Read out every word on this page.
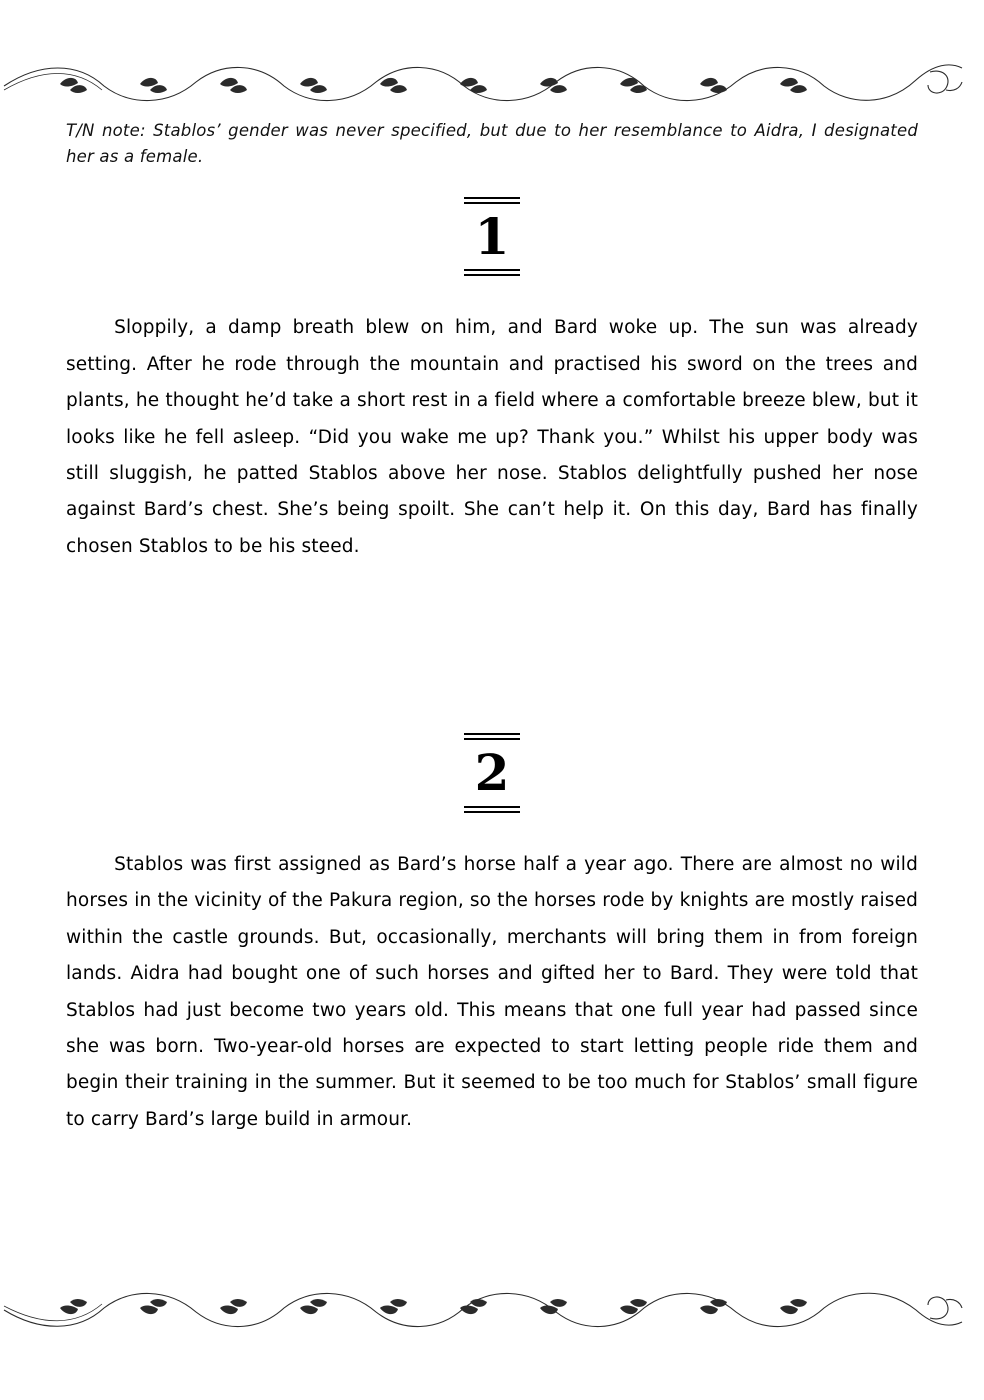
T/N note: Stablos’ gender was never specified, but due to her resemblance to Aidra, I designated her as a female.

1

Sloppily, a damp breath blew on him, and Bard woke up. The sun was already setting. After he rode through the mountain and practised his sword on the trees and plants, he thought he’d take a short rest in a field where a comfortable breeze blew, but it looks like he fell asleep. “Did you wake me up? Thank you.” Whilst his upper body was still sluggish, he patted Stablos above her nose. Stablos delightfully pushed her nose against Bard’s chest. She’s being spoilt. She can’t help it. On this day, Bard has finally chosen Stablos to be his steed.

2

Stablos was first assigned as Bard’s horse half a year ago. There are almost no wild horses in the vicinity of the Pakura region, so the horses rode by knights are mostly raised within the castle grounds. But, occasionally, merchants will bring them in from foreign lands. Aidra had bought one of such horses and gifted her to Bard. They were told that Stablos had just become two years old. This means that one full year had passed since she was born. Two-year-old horses are expected to start letting people ride them and begin their training in the summer. But it seemed to be too much for Stablos’ small figure to carry Bard’s large build in armour.
